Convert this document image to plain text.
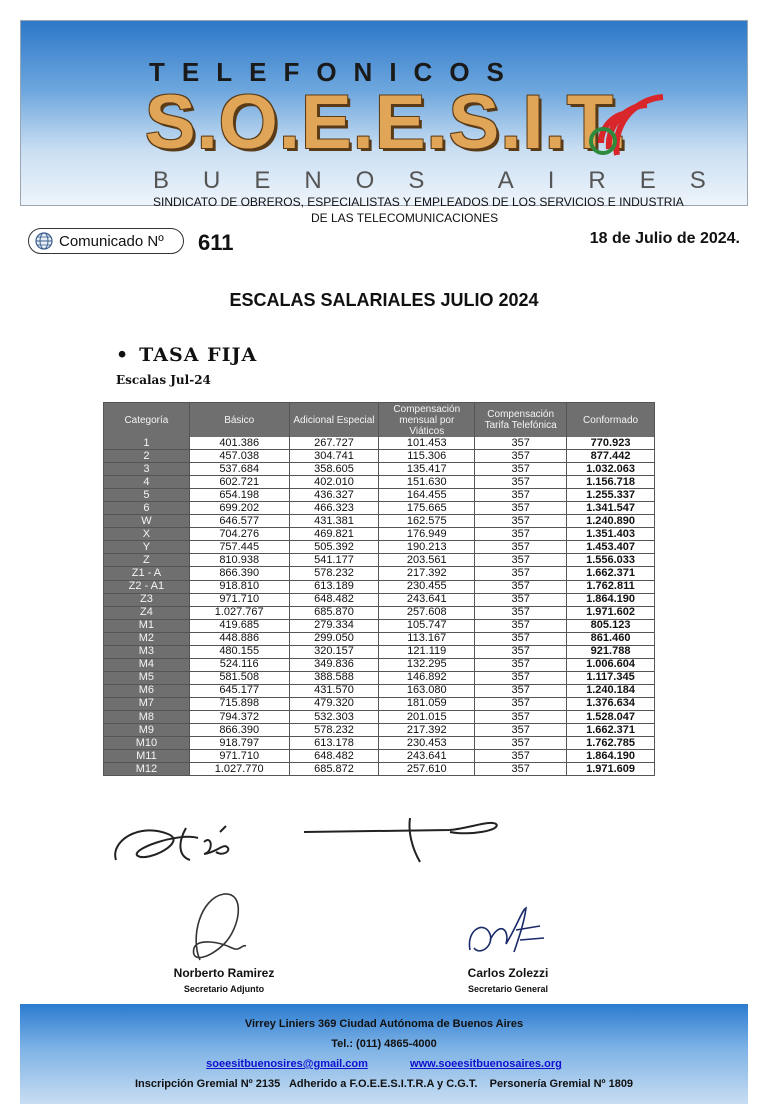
TELEFONICOS
S.O.E.E.S.I.T.
BUENOS AIRES
SINDICATO DE OBREROS, ESPECIALISTAS Y EMPLEADOS DE LOS SERVICIOS E INDUSTRIA
DE LAS TELECOMUNICACIONES
Comunicado Nº 611	18 de Julio de 2024.
ESCALAS SALARIALES JULIO 2024
• TASA FIJA
Escalas Jul-24
Categoría	Básico	Adicional Especial	Compensación mensual por Viáticos	Compensación Tarifa Telefónica	Conformado
1	401.386	267.727	101.453	357	770.923
2	457.038	304.741	115.306	357	877.442
3	537.684	358.605	135.417	357	1.032.063
4	602.721	402.010	151.630	357	1.156.718
5	654.198	436.327	164.455	357	1.255.337
6	699.202	466.323	175.665	357	1.341.547
W	646.577	431.381	162.575	357	1.240.890
X	704.276	469.821	176.949	357	1.351.403
Y	757.445	505.392	190.213	357	1.453.407
Z	810.938	541.177	203.561	357	1.556.033
Z1 - A	866.390	578.232	217.392	357	1.662.371
Z2 - A1	918.810	613.189	230.455	357	1.762.811
Z3	971.710	648.482	243.641	357	1.864.190
Z4	1.027.767	685.870	257.608	357	1.971.602
M1	419.685	279.334	105.747	357	805.123
M2	448.886	299.050	113.167	357	861.460
M3	480.155	320.157	121.119	357	921.788
M4	524.116	349.836	132.295	357	1.006.604
M5	581.508	388.588	146.892	357	1.117.345
M6	645.177	431.570	163.080	357	1.240.184
M7	715.898	479.320	181.059	357	1.376.634
M8	794.372	532.303	201.015	357	1.528.047
M9	866.390	578.232	217.392	357	1.662.371
M10	918.797	613.178	230.453	357	1.762.785
M11	971.710	648.482	243.641	357	1.864.190
M12	1.027.770	685.872	257.610	357	1.971.609
Norberto Ramirez
Secretario Adjunto
Carlos Zolezzi
Secretario General
Virrey Liniers 369 Ciudad Autónoma de Buenos Aires
Tel.: (011) 4865-4000
soeesitbuenosires@gmail.com	www.soeesitbuenosaires.org
Inscripción Gremial Nº 2135   Adherido a F.O.E.E.S.I.T.R.A y C.G.T.    Personería Gremial Nº 1809
